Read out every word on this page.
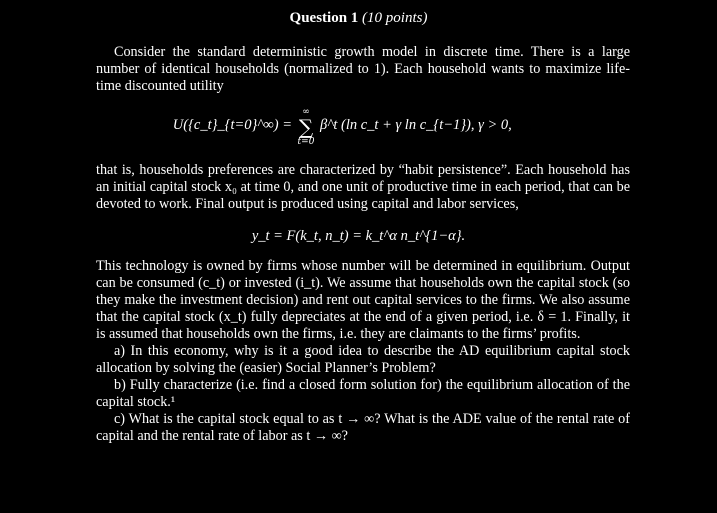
Question 1 (10 points)
Consider the standard deterministic growth model in discrete time. There is a large number of identical households (normalized to 1). Each household wants to maximize life-time discounted utility
U({c_t}_{t=0}^∞) = β^t (ln c_t + γ ln c_{t−1}), γ > 0,
∞
∑
t=0
that is, households preferences are characterized by “habit persistence”. Each household has an initial capital stock x₀ at time 0, and one unit of productive time in each period, that can be devoted to work. Final output is produced using capital and labor services,
y_t = F(k_t, n_t) = k_t^α n_t^{1−α}.
This technology is owned by firms whose number will be determined in equilibrium. Output can be consumed (c_t) or invested (i_t). We assume that households own the capital stock (so they make the investment decision) and rent out capital services to the firms. We also assume that the capital stock (x_t) fully depreciates at the end of a given period, i.e. δ = 1. Finally, it is assumed that households own the firms, i.e. they are claimants to the firms’ profits.
a) In this economy, why is it a good idea to describe the AD equilibrium capital stock allocation by solving the (easier) Social Planner’s Problem?
b) Fully characterize (i.e. find a closed form solution for) the equilibrium allocation of the capital stock.¹
c) What is the capital stock equal to as t → ∞? What is the ADE value of the rental rate of capital and the rental rate of labor as t → ∞?
